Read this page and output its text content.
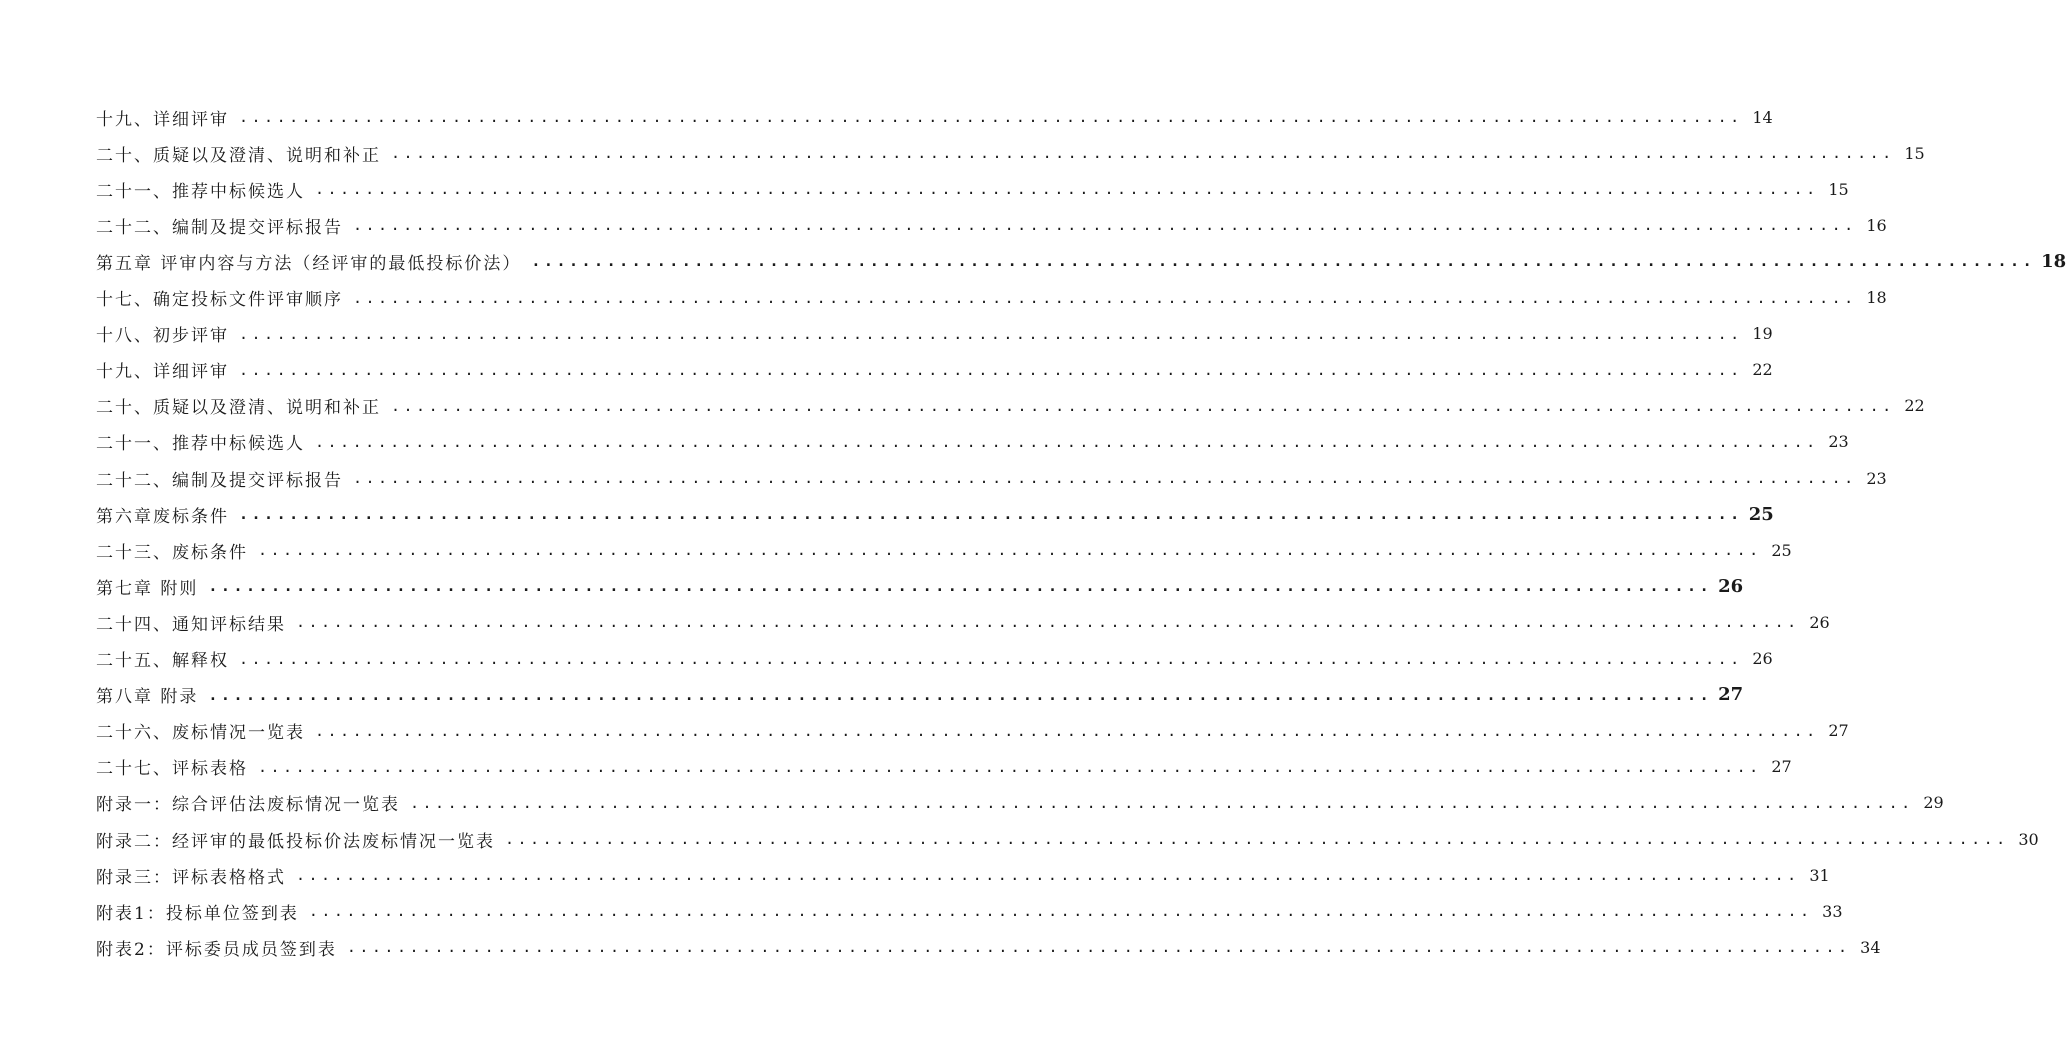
十九、详细评审 ........................................................................................................................ 14
二十、质疑以及澄清、说明和补正 ........................................................................................................................ 15
二十一、推荐中标候选人 ........................................................................................................................ 15
二十二、编制及提交评标报告 ........................................................................................................................ 16
第五章 评审内容与方法（经评审的最低投标价法） ........................................................................................................................ 18
十七、确定投标文件评审顺序 ........................................................................................................................ 18
十八、初步评审 ........................................................................................................................ 19
十九、详细评审 ........................................................................................................................ 22
二十、质疑以及澄清、说明和补正 ........................................................................................................................ 22
二十一、推荐中标候选人 ........................................................................................................................ 23
二十二、编制及提交评标报告 ........................................................................................................................ 23
第六章废标条件 ........................................................................................................................ 25
二十三、废标条件 ........................................................................................................................ 25
第七章 附则 ........................................................................................................................ 26
二十四、通知评标结果 ........................................................................................................................ 26
二十五、解释权 ........................................................................................................................ 26
第八章 附录 ........................................................................................................................ 27
二十六、废标情况一览表 ........................................................................................................................ 27
二十七、评标表格 ........................................................................................................................ 27
附录一：综合评估法废标情况一览表 ........................................................................................................................ 29
附录二：经评审的最低投标价法废标情况一览表 ........................................................................................................................ 30
附录三：评标表格格式 ........................................................................................................................ 31
附表1：投标单位签到表 ........................................................................................................................ 33
附表2：评标委员成员签到表 ........................................................................................................................ 34
